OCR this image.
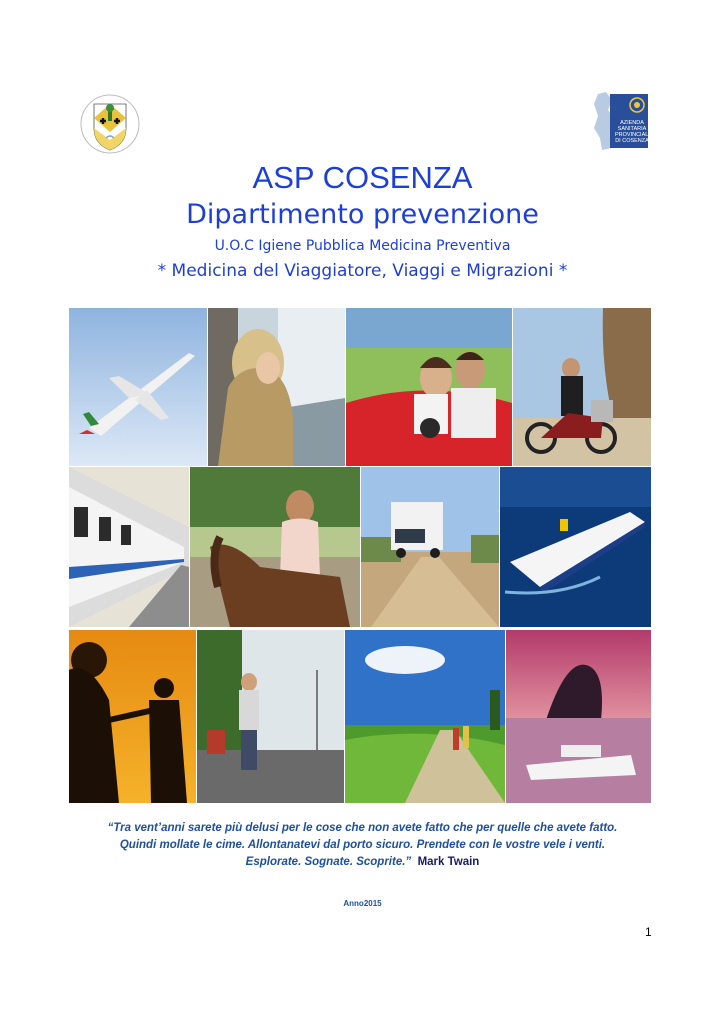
AZIENDA
SANITARIA
PROVINCIALE
DI COSENZA
ASP COSENZA
Dipartimento prevenzione
U.O.C Igiene Pubblica Medicina Preventiva
* Medicina del Viaggiatore, Viaggi e Migrazioni *
“Tra vent’anni sarete più delusi per le cose che non avete fatto che per quelle che avete fatto.
Quindi mollate le cime. Allontanatevi dal porto sicuro. Prendete con le vostre vele i venti.
Esplorate. Sognate. Scoprite.” Mark Twain
Anno2015
1
